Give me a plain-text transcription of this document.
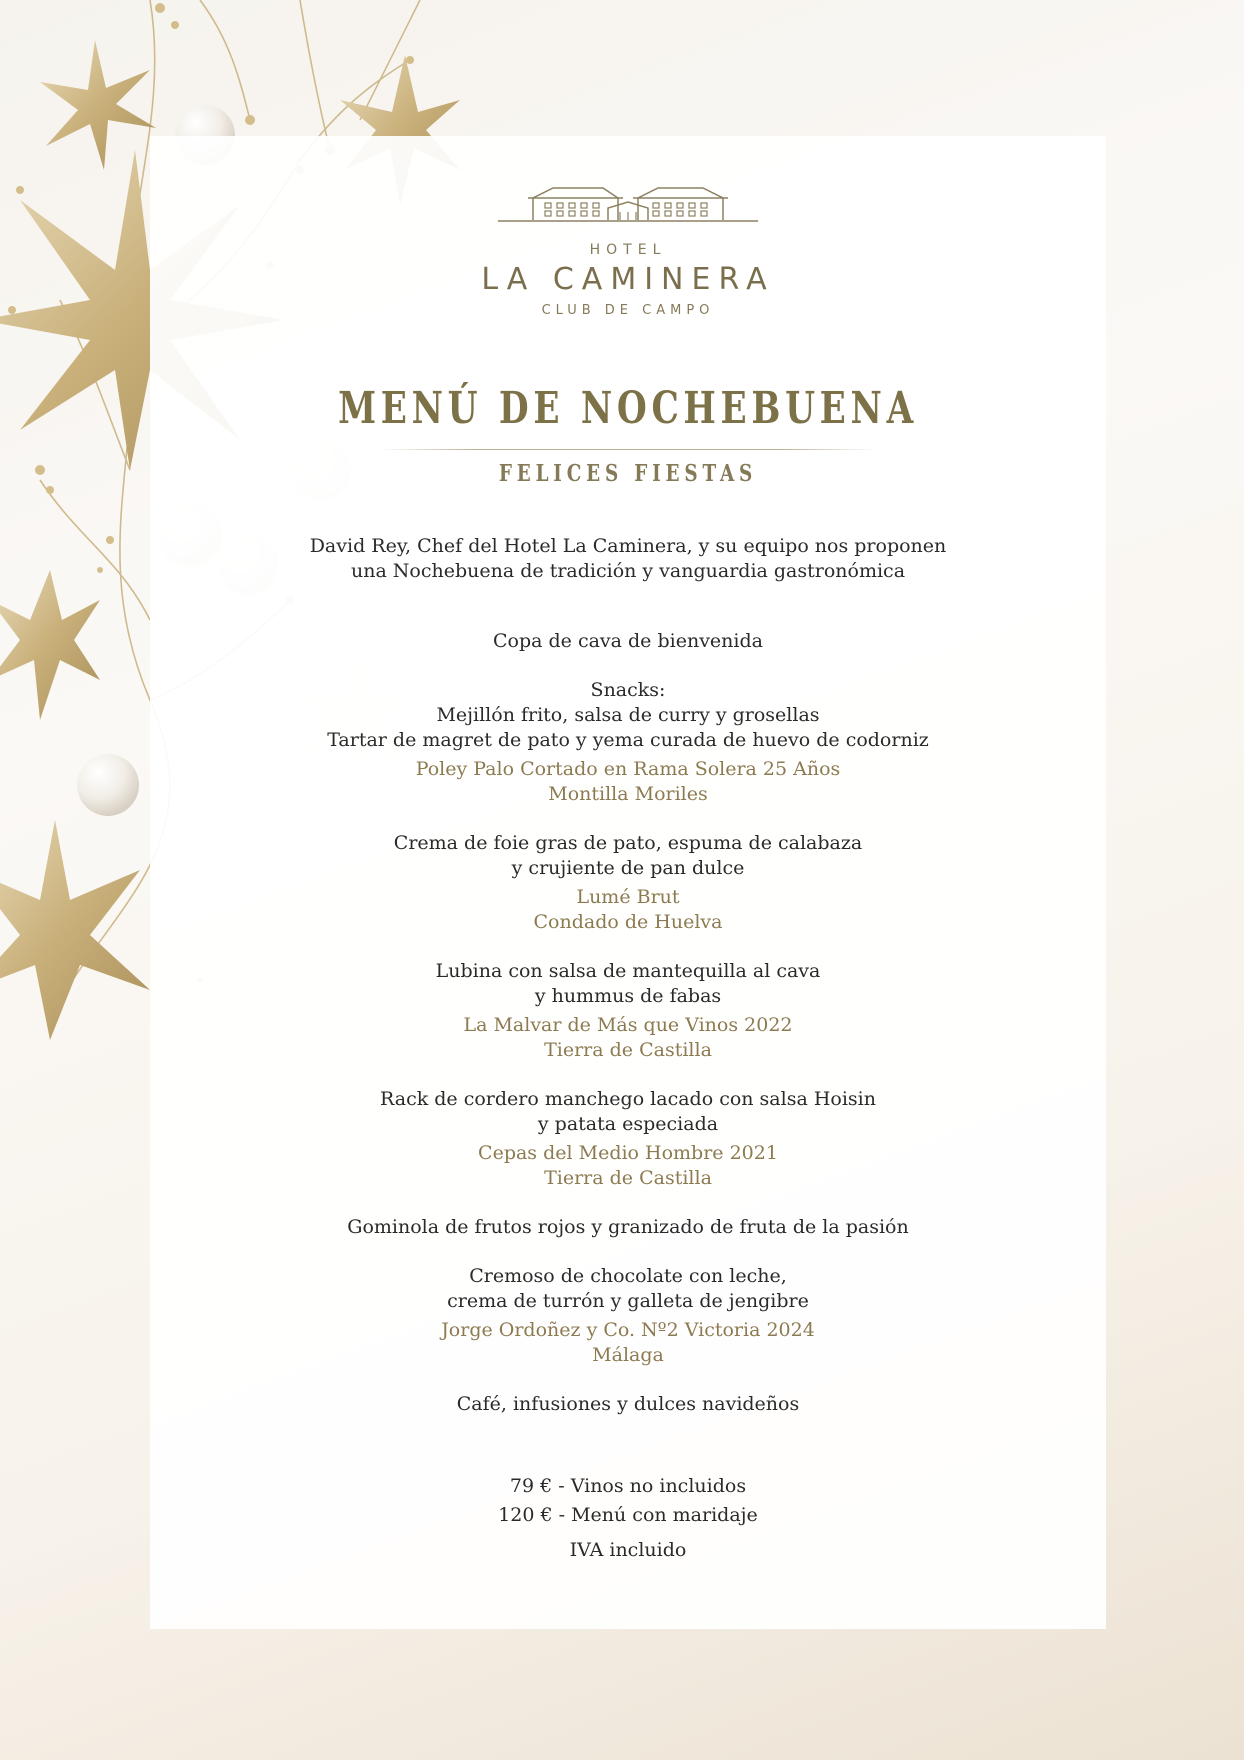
HOTEL
LA CAMINERA
CLUB DE CAMPO
MENÚ DE NOCHEBUENA
FELICES FIESTAS
David Rey, Chef del Hotel La Caminera, y su equipo nos proponen
una Nochebuena de tradición y vanguardia gastronómica
Copa de cava de bienvenida
Snacks:
Mejillón frito, salsa de curry y grosellas
Tartar de magret de pato y yema curada de huevo de codorniz
Poley Palo Cortado en Rama Solera 25 Años
Montilla Moriles
Crema de foie gras de pato, espuma de calabaza
y crujiente de pan dulce
Lumé Brut
Condado de Huelva
Lubina con salsa de mantequilla al cava
y hummus de fabas
La Malvar de Más que Vinos 2022
Tierra de Castilla
Rack de cordero manchego lacado con salsa Hoisin
y patata especiada
Cepas del Medio Hombre 2021
Tierra de Castilla
Gominola de frutos rojos y granizado de fruta de la pasión
Cremoso de chocolate con leche,
crema de turrón y galleta de jengibre
Jorge Ordoñez y Co. Nº2 Victoria 2024
Málaga
Café, infusiones y dulces navideños
79 € - Vinos no incluidos
120 € - Menú con maridaje
IVA incluido
